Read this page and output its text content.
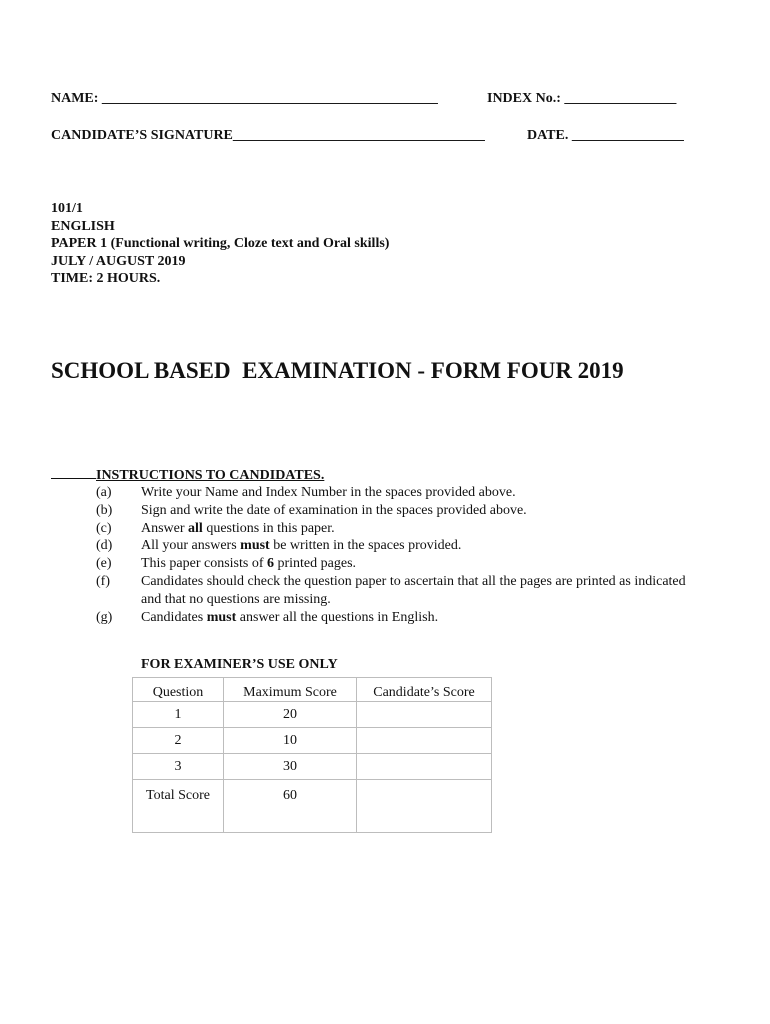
NAME: ________________________________________________	INDEX No.: ________________
CANDIDATE’S SIGNATURE____________________________________	DATE. ________________
101/1
ENGLISH
PAPER 1 (Functional writing, Cloze text and Oral skills)
JULY / AUGUST 2019
TIME: 2 HOURS.
SCHOOL BASED  EXAMINATION - FORM FOUR 2019
INSTRUCTIONS TO CANDIDATES.
(a)	Write your Name and Index Number in the spaces provided above.
(b)	Sign and write the date of examination in the spaces provided above.
(c)	Answer all questions in this paper.
(d)	All your answers must be written in the spaces provided.
(e)	This paper consists of 6 printed pages.
(f)	Candidates should check the question paper to ascertain that all the pages are printed as indicated and that no questions are missing.
(g)	Candidates must answer all the questions in English.
FOR EXAMINER’S USE ONLY
Question	Maximum Score	Candidate’s Score
1	20	
2	10	
3	30	
Total Score	60	
